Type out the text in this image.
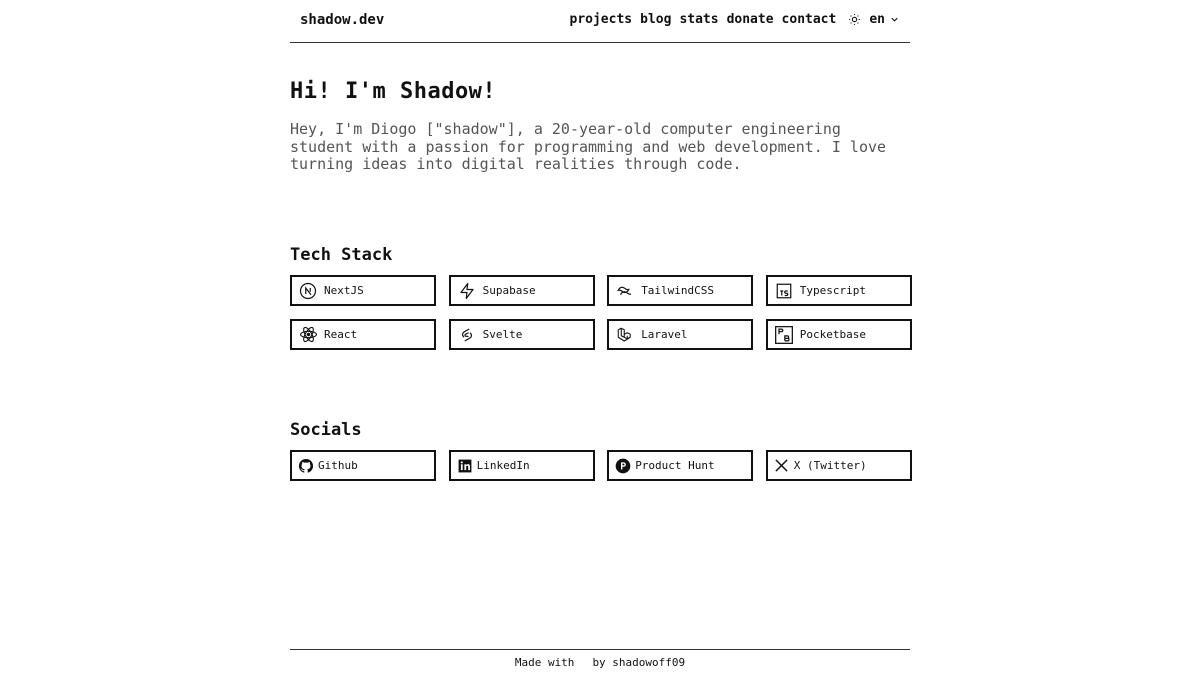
shadow.dev	projects blog stats donate contact	en
Hi! I'm Shadow!

Hey, I'm Diogo ["shadow"], a 20-year-old computer engineering student with a passion for programming and web development. I love turning ideas into digital realities through code.

Tech Stack
NextJS	Supabase	TailwindCSS	Typescript
React	Svelte	Laravel	Pocketbase
Socials
Github	LinkedIn	Product Hunt	X (Twitter)
Made with by shadowoff09
